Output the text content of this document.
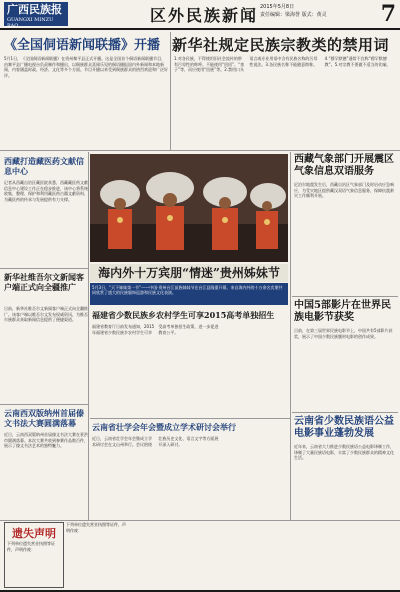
广西民族报
GUANGXI MINZU BAO
区外民族新闻 2015年5月8日
责任编辑：梁海誉 版式：黄灵	7
《全国侗语新闻联播》开播
5月1日，《全国侗语新闻联播》在贵州黎平县正式开播。这是全国首个侗语新闻联播节目，由黎平县广播电视台负责制作和播出，以侗族群众喜闻乐见的侗语播报国内外新闻和本地新闻，内容涵盖时政、经济、文化等多个方面。节目开播以来受到侗族群众的热烈欢迎和广泛好评。
新华社规定民族宗教类的禁用词
1.对各民族，不得使用旧社会流传的带有污辱性的称呼。不能使用“回回”、“蛮子”等，而应使用“回族”等。2.禁用口头语言或专业用语中含有民族名称的污辱性说法。3.各民族名称不能随意简称。4.“穆罕默德”通常不宜称“穆罕默德教”。5.对宗教不要做不适当的比喻。
西藏打造藏医药文献信息中心
记者从西藏自治区藏医院获悉，西藏藏医药文献信息中心建设工作正在稳步推进，该中心将系统收集、整理、保护和利用藏医药古籍文献资料，为藏医药的传承与发展提供有力支撑。
海内外十万宾朋“情迷”贵州姊妹节
5月3日，“天下姊妹第一节”——中国·贵州台江苗族姊妹节在台江县隆重开幕，来自海内外的十万余名宾朋共同欣赏了盛大的民族服饰巡游和民族文化表演。
西藏气象部门开展震区气象信息双语服务
尼泊尔地震发生后，西藏自治区气象部门及时启动应急响应，为受灾地区提供藏汉双语气象信息服务，保障抗震救灾工作顺利开展。
中国5部影片在世界民族电影节获奖
日前，在第三届世界民族电影节上，中国共有5部影片获奖，展示了中国少数民族题材电影的创作成果。
云南省少数民族语公益电影事业蓬勃发展
近年来，云南省大力推进少数民族语公益电影译制工作，译制了大量民族语电影，丰富了少数民族群众的精神文化生活。
新华社维吾尔文新闻客户端正式向全疆推广
日前，新华社维吾尔文新闻客户端正式向全疆推广。该客户端以维吾尔文发布权威资讯，为维吾尔族群众获取新闻信息提供了便捷渠道。
云南西双版纳州首届傣文书法大赛圆满落幕
近日，云南西双版纳州首届傣文书法大赛在景洪市圆满落幕。本次大赛共收到参赛作品数百件，展示了傣文书法艺术的独特魅力。
福建省少数民族乡农村学生可享2015高考单独招生
福建省教育厅日前发布通知，2015年福建省少数民族乡农村学生可享受高考单独招生政策，进一步促进教育公平。
云南省壮学会年会暨成立学术研讨会举行
近日，云南省壮学会年会暨成立学术研讨会在文山州举行。会议围绕壮族历史文化、语言文字等方面展开深入研讨。
遗失声明
下列单位遗失营业执照等证件，声明作废：
下列单位遗失营业执照等证件，声明作废：
